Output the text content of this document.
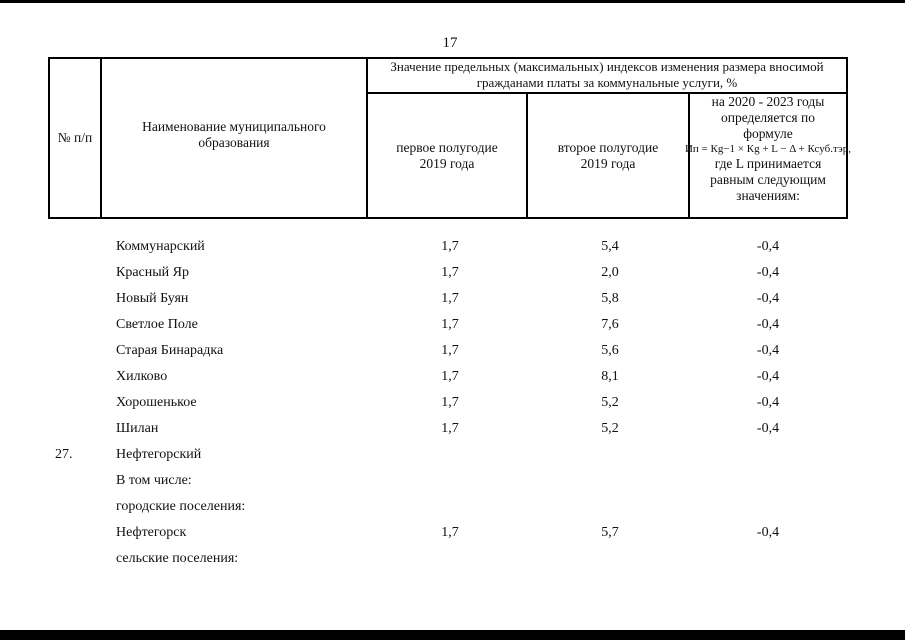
17
№ п/п
Наименование муниципального образования
Значение предельных (максимальных) индексов изменения размера вносимой гражданами платы за коммунальные услуги, %
первое полугодие 2019 года
второе полугодие 2019 года
на 2020 - 2023 годы определяется по формуле
Ип = Кg−1 × Кg + L − Δ + Ксуб.тэр,
где L принимается равным следующим значениям:
Коммунарский	1,7	5,4	-0,4
Красный Яр	1,7	2,0	-0,4
Новый Буян	1,7	5,8	-0,4
Светлое Поле	1,7	7,6	-0,4
Старая Бинарадка	1,7	5,6	-0,4
Хилково	1,7	8,1	-0,4
Хорошенькое	1,7	5,2	-0,4
Шилан	1,7	5,2	-0,4
27.	Нефтегорский
В том числе:
городские поселения:
Нефтегорск	1,7	5,7	-0,4
сельские поселения:
